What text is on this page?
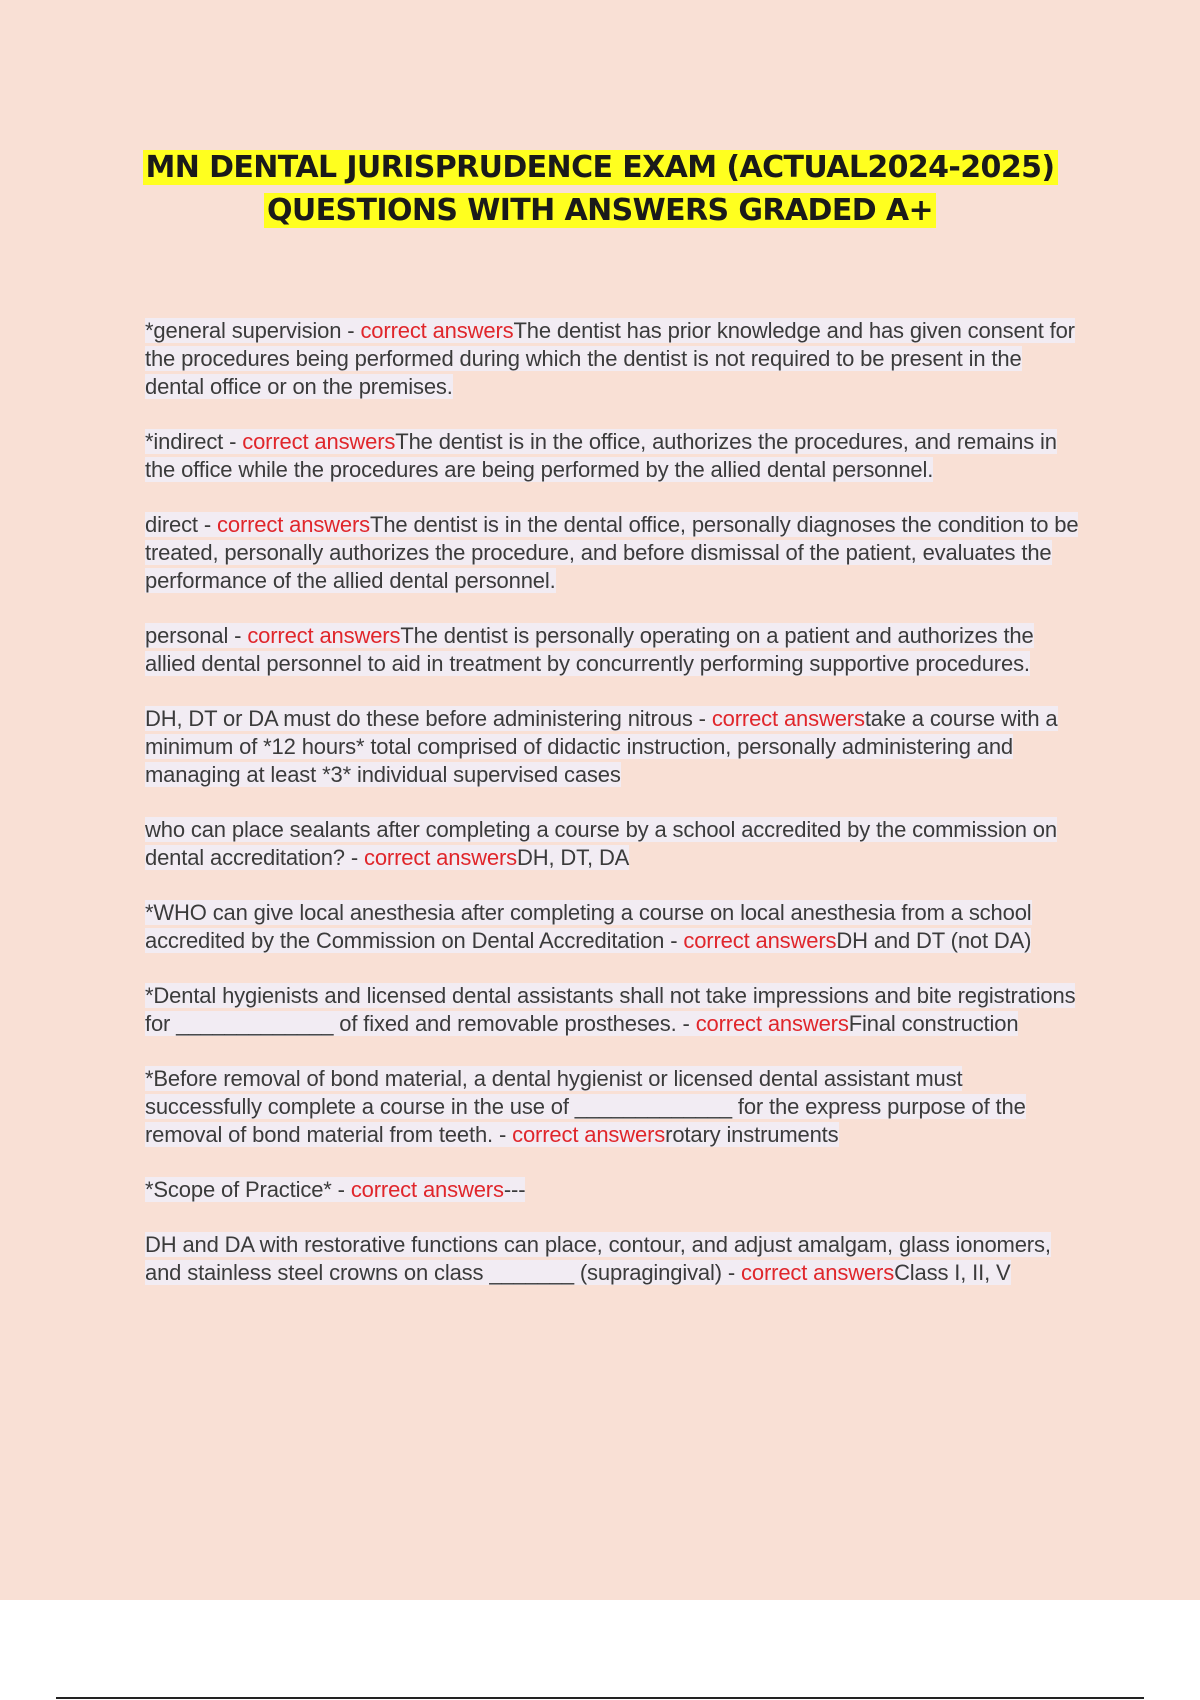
MN DENTAL JURISPRUDENCE EXAM (ACTUAL2024-2025)
QUESTIONS WITH ANSWERS GRADED A+

*general supervision - correct answersThe dentist has prior knowledge and has given consent for the procedures being performed during which the dentist is not required to be present in the dental office or on the premises.

*indirect - correct answersThe dentist is in the office, authorizes the procedures, and remains in the office while the procedures are being performed by the allied dental personnel.

direct - correct answersThe dentist is in the dental office, personally diagnoses the condition to be treated, personally authorizes the procedure, and before dismissal of the patient, evaluates the performance of the allied dental personnel.

personal - correct answersThe dentist is personally operating on a patient and authorizes the allied dental personnel to aid in treatment by concurrently performing supportive procedures.

DH, DT or DA must do these before administering nitrous - correct answerstake a course with a minimum of *12 hours* total comprised of didactic instruction, personally administering and managing at least *3* individual supervised cases

who can place sealants after completing a course by a school accredited by the commission on dental accreditation? - correct answersDH, DT, DA

*WHO can give local anesthesia after completing a course on local anesthesia from a school accredited by the Commission on Dental Accreditation - correct answersDH and DT (not DA)

*Dental hygienists and licensed dental assistants shall not take impressions and bite registrations for _____________ of fixed and removable prostheses. - correct answersFinal construction

*Before removal of bond material, a dental hygienist or licensed dental assistant must successfully complete a course in the use of _____________ for the express purpose of the removal of bond material from teeth. - correct answersrotary instruments

*Scope of Practice* - correct answers---

DH and DA with restorative functions can place, contour, and adjust amalgam, glass ionomers, and stainless steel crowns on class _______ (supragingival) - correct answersClass I, II, V
